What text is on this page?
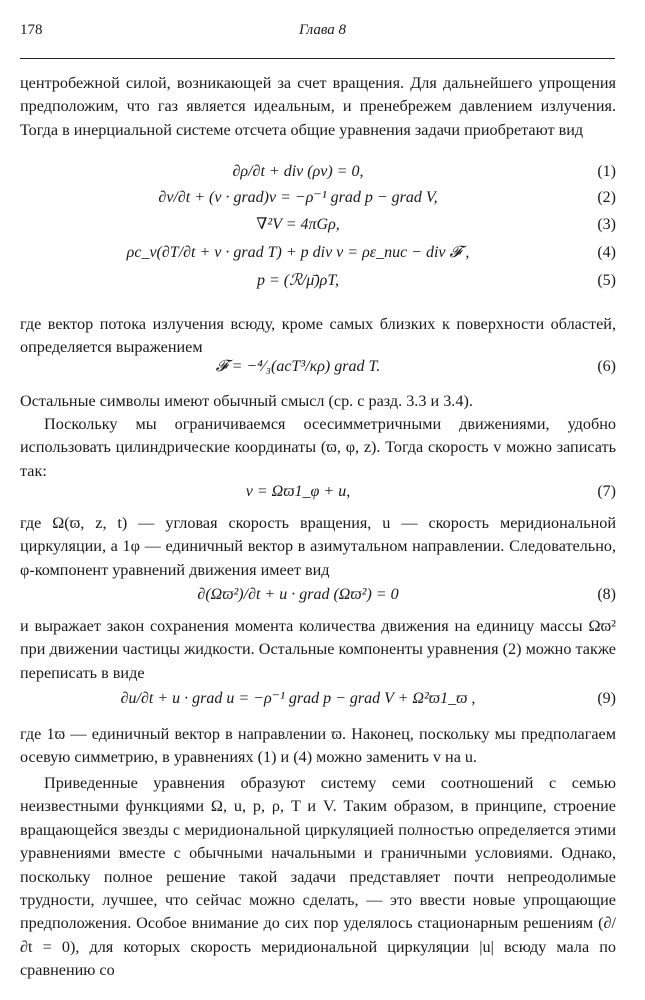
178	Глава 8
центробежной силой, возникающей за счет вращения. Для дальнейшего упрощения предположим, что газ является идеальным, и пренебрежем давлением излучения. Тогда в инерциальной системе отсчета общие уравнения задачи приобретают вид
∂ρ/∂t + div (ρv) = 0,	(1)
∂v/∂t + (v · grad)v = −ρ⁻¹ grad p − grad V,	(2)
∇²V = 4πGρ,	(3)
ρc_v(∂T/∂t + v · grad T) + p div v = ρε_nuc − div 𝓕 ,	(4)
p = (ℛ/μ̄)ρT,	(5)
где вектор потока излучения всюду, кроме самых близких к поверхности областей, определяется выражением
𝓕 = −⁴⁄₃(acT³/κρ) grad T.	(6)
Остальные символы имеют обычный смысл (ср. с разд. 3.3 и 3.4).
Поскольку мы ограничиваемся осесимметричными движениями, удобно использовать цилиндрические координаты (ϖ, φ, z). Тогда скорость v можно записать так:
v = Ωϖ1_φ + u,	(7)
где Ω(ϖ, z, t) — угловая скорость вращения, u — скорость меридиональной циркуляции, а 1φ — единичный вектор в азимутальном направлении. Следовательно, φ-компонент уравнений движения имеет вид
∂(Ωϖ²)/∂t + u · grad (Ωϖ²) = 0	(8)
и выражает закон сохранения момента количества движения на единицу массы Ωϖ² при движении частицы жидкости. Остальные компоненты уравнения (2) можно также переписать в виде
∂u/∂t + u · grad u = −ρ⁻¹ grad p − grad V + Ω²ϖ1_ϖ ,	(9)
где 1ϖ — единичный вектор в направлении ϖ. Наконец, поскольку мы предполагаем осевую симметрию, в уравнениях (1) и (4) можно заменить v на u.
Приведенные уравнения образуют систему семи соотношений с семью неизвестными функциями Ω, u, p, ρ, T и V. Таким образом, в принципе, строение вращающейся звезды с меридиональной циркуляцией полностью определяется этими уравнениями вместе с обычными начальными и граничными условиями. Однако, поскольку полное решение такой задачи представляет почти непреодолимые трудности, лучшее, что сейчас можно сделать, — это ввести новые упрощающие предположения. Особое внимание до сих пор уделялось стационарным решениям (∂/∂t = 0), для которых скорость меридиональной циркуляции |u| всюду мала по сравнению со
